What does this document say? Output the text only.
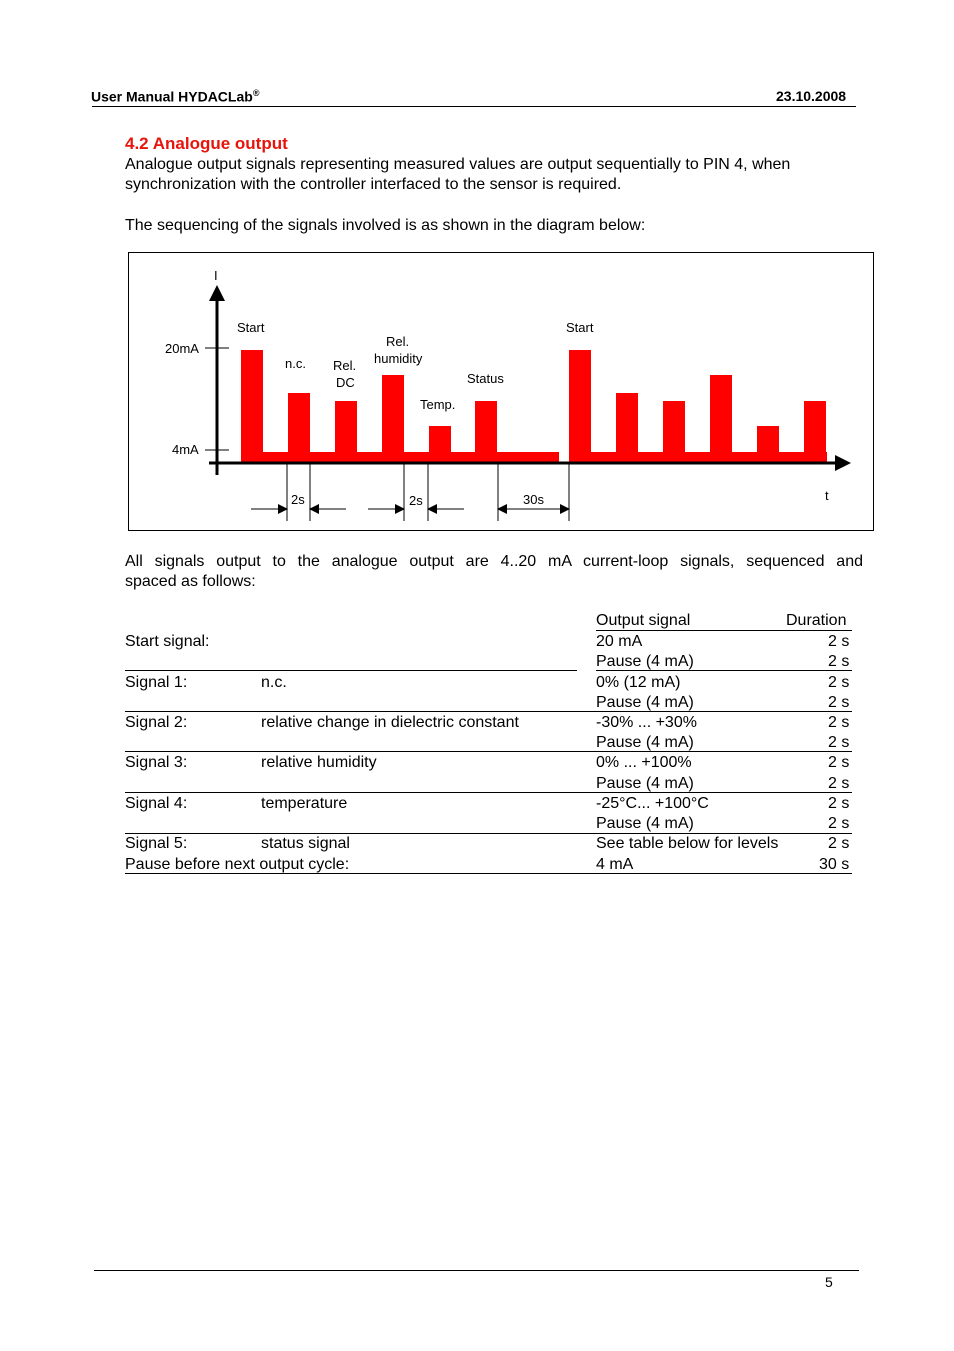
User Manual HYDACLab®	23.10.2008
4.2 Analogue output
Analogue output signals representing measured values are output sequentially to PIN 4, when
synchronization with the controller interfaced to the sensor is required.
The sequencing of the signals involved is as shown in the diagram below:
I
t
20mA
4mA
Start
n.c. Rel.
DC
Rel.
humidity
Temp.
Status
Start
2s	2s	30s
All signals output to the analogue output are 4..20 mA current-loop signals, sequenced and
spaced as follows:
Output signal	Duration
Start signal:	20 mA	2 s
Pause (4 mA)	2 s
Signal 1:	n.c.	0% (12 mA)	2 s
Pause (4 mA)	2 s
Signal 2:	relative change in dielectric constant	-30% ... +30%	2 s
Pause (4 mA)	2 s
Signal 3:	relative humidity	0% ... +100%	2 s
Pause (4 mA)	2 s
Signal 4:	temperature	-25°C... +100°C	2 s
Pause (4 mA)	2 s
Signal 5:	status signal	See table below for levels	2 s
Pause before next output cycle:	4 mA	30 s
5
